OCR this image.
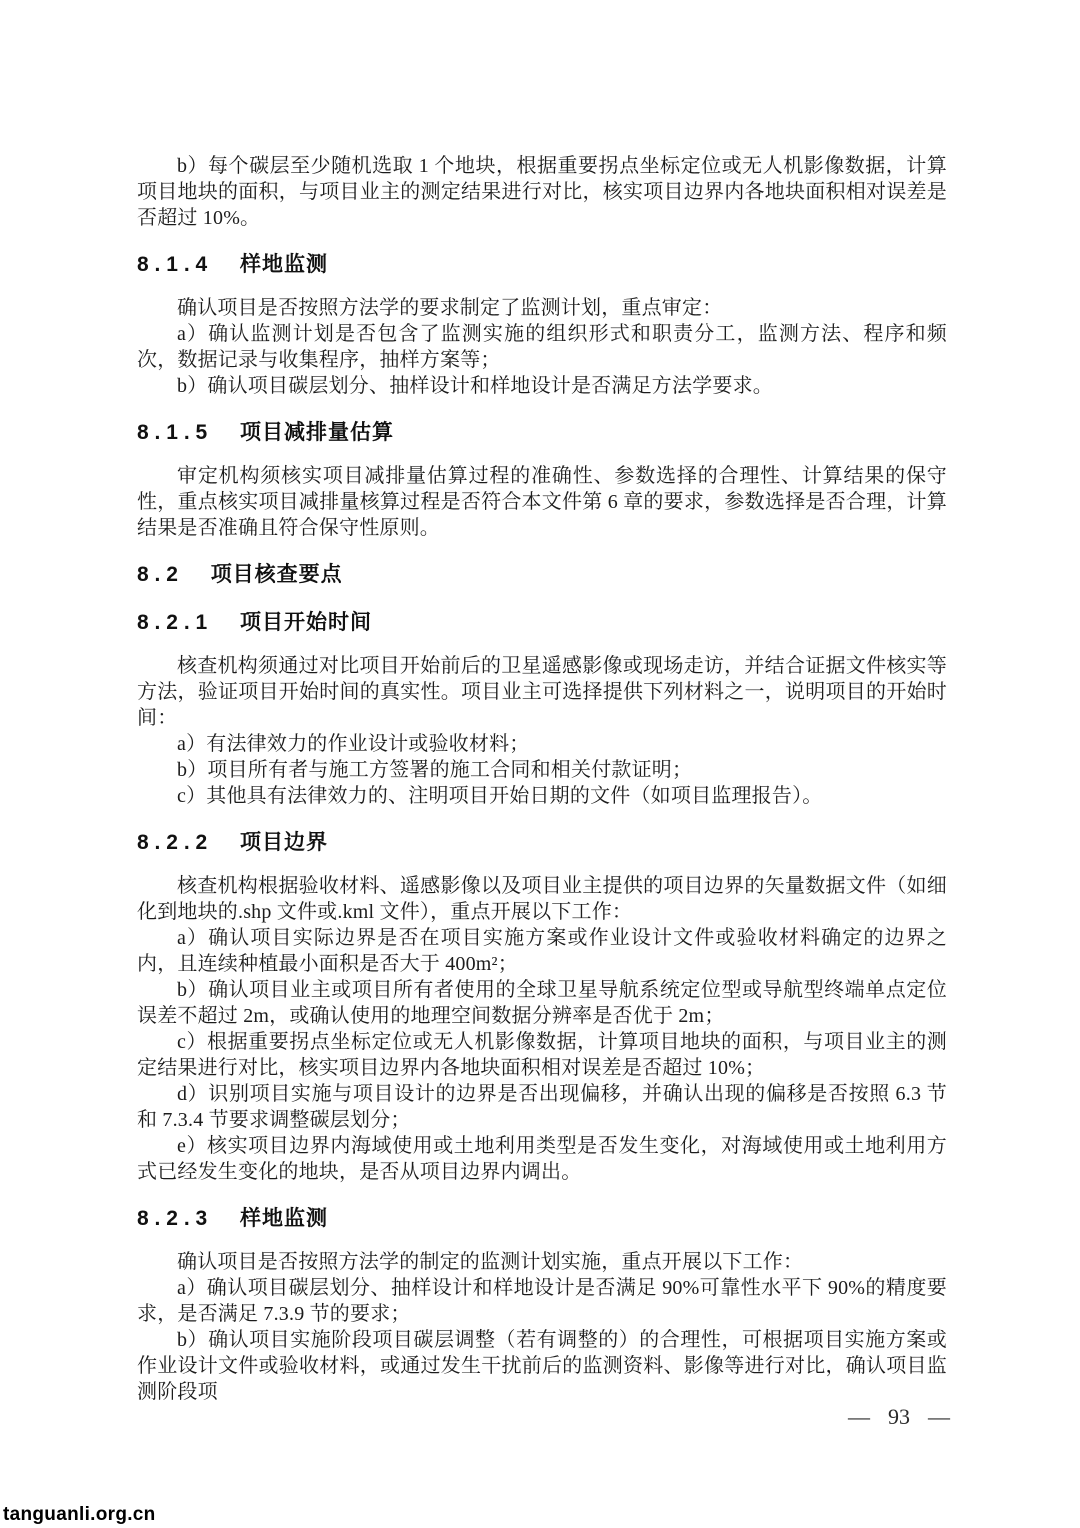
b）每个碳层至少随机选取 1 个地块，根据重要拐点坐标定位或无人机影像数据，计算项目地块的面积，与项目业主的测定结果进行对比，核实项目边界内各地块面积相对误差是否超过 10%。

8.1.4 样地监测

确认项目是否按照方法学的要求制定了监测计划，重点审定：

a）确认监测计划是否包含了监测实施的组织形式和职责分工，监测方法、程序和频次，数据记录与收集程序，抽样方案等；

b）确认项目碳层划分、抽样设计和样地设计是否满足方法学要求。

8.1.5 项目减排量估算

审定机构须核实项目减排量估算过程的准确性、参数选择的合理性、计算结果的保守性，重点核实项目减排量核算过程是否符合本文件第 6 章的要求，参数选择是否合理，计算结果是否准确且符合保守性原则。

8.2 项目核查要点
8.2.1 项目开始时间

核查机构须通过对比项目开始前后的卫星遥感影像或现场走访，并结合证据文件核实等方法，验证项目开始时间的真实性。项目业主可选择提供下列材料之一，说明项目的开始时间：

a）有法律效力的作业设计或验收材料；

b）项目所有者与施工方签署的施工合同和相关付款证明；

c）其他具有法律效力的、注明项目开始日期的文件（如项目监理报告）。

8.2.2 项目边界

核查机构根据验收材料、遥感影像以及项目业主提供的项目边界的矢量数据文件（如细化到地块的.shp 文件或.kml 文件），重点开展以下工作：

a）确认项目实际边界是否在项目实施方案或作业设计文件或验收材料确定的边界之内，且连续种植最小面积是否大于 400m²；

b）确认项目业主或项目所有者使用的全球卫星导航系统定位型或导航型终端单点定位误差不超过 2m，或确认使用的地理空间数据分辨率是否优于 2m；

c）根据重要拐点坐标定位或无人机影像数据，计算项目地块的面积，与项目业主的测定结果进行对比，核实项目边界内各地块面积相对误差是否超过 10%；

d）识别项目实施与项目设计的边界是否出现偏移，并确认出现的偏移是否按照 6.3 节和 7.3.4 节要求调整碳层划分；

e）核实项目边界内海域使用或土地利用类型是否发生变化，对海域使用或土地利用方式已经发生变化的地块，是否从项目边界内调出。

8.2.3 样地监测

确认项目是否按照方法学的制定的监测计划实施，重点开展以下工作：

a）确认项目碳层划分、抽样设计和样地设计是否满足 90%可靠性水平下 90%的精度要求，是否满足 7.3.9 节的要求；

b）确认项目实施阶段项目碳层调整（若有调整的）的合理性，可根据项目实施方案或作业设计文件或验收材料，或通过发生干扰前后的监测资料、影像等进行对比，确认项目监测阶段项

— 93 —
tanguanli.org.cn
